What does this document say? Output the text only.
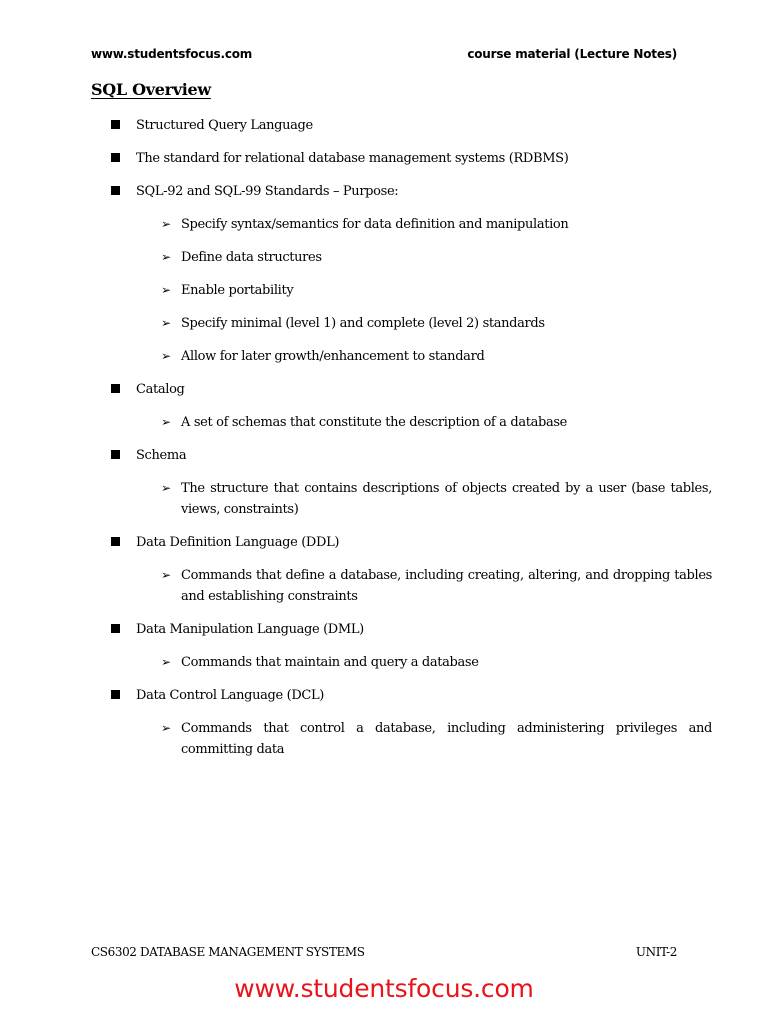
www.studentsfocus.com	course material (Lecture Notes)
SQL Overview
Structured Query Language
The standard for relational database management systems (RDBMS)
SQL-92 and SQL-99 Standards – Purpose:
➢ Specify syntax/semantics for data definition and manipulation
➢ Define data structures
➢ Enable portability
➢ Specify minimal (level 1) and complete (level 2) standards
➢ Allow for later growth/enhancement to standard
Catalog
➢ A set of schemas that constitute the description of a database
Schema
➢ The structure that contains descriptions of objects created by a user (base tables, views, constraints)
Data Definition Language (DDL)
➢ Commands that define a database, including creating, altering, and dropping tables and establishing constraints
Data Manipulation Language (DML)
➢ Commands that maintain and query a database
Data Control Language (DCL)
➢ Commands that control a database, including administering privileges and committing data
CS6302 DATABASE MANAGEMENT SYSTEMS	UNIT-2
www.studentsfocus.com
